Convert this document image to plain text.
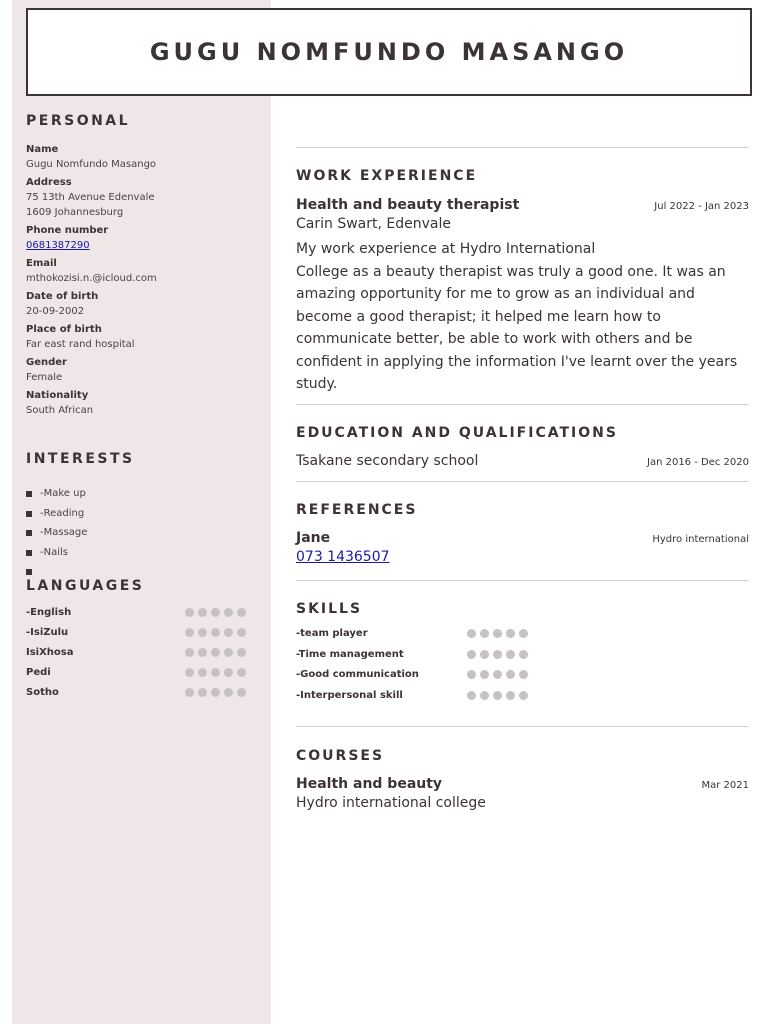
GUGU NOMFUNDO MASANGO
PERSONAL
Name
Gugu Nomfundo Masango
Address
75 13th Avenue Edenvale
1609 Johannesburg
Phone number
0681387290
Email
mthokozisi.n.@icloud.com
Date of birth
20-09-2002
Place of birth
Far east rand hospital
Gender
Female
Nationality
South African
INTERESTS
-Make up
-Reading
-Massage
-Nails
LANGUAGES
-English
-IsiZulu
IsiXhosa
Pedi
Sotho
WORK EXPERIENCE
Health and beauty therapist	Jul 2022 - Jan 2023
Carin Swart, Edenvale
My work experience at Hydro International
College as a beauty therapist was truly a good one. It was an amazing opportunity for me to grow as an individual and become a good therapist; it helped me learn how to communicate better, be able to work with others and be confident in applying the information I've learnt over the years study.
EDUCATION AND QUALIFICATIONS
Tsakane secondary school	Jan 2016 - Dec 2020
REFERENCES
Jane	Hydro international
073 1436507
SKILLS
-team player
-Time management
-Good communication
-Interpersonal skill
COURSES
Health and beauty	Mar 2021
Hydro international college
